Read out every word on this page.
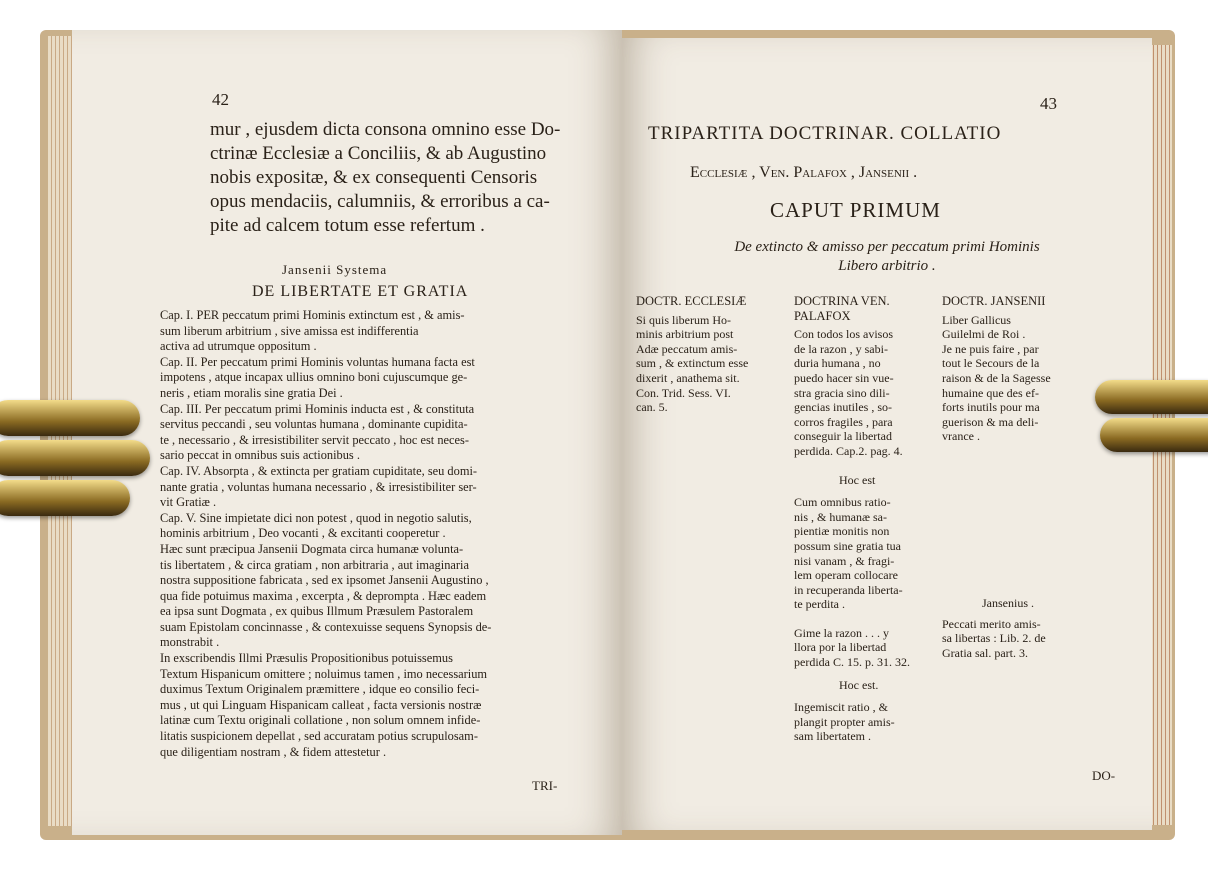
42
mur , ejusdem dicta consona omnino esse Do-
ctrinæ Ecclesiæ a Conciliis, & ab Augustino
nobis expositæ, & ex consequenti Censoris
opus mendaciis, calumniis, & erroribus a ca-
pite ad calcem totum esse refertum .
Jansenii Systema
DE LIBERTATE ET GRATIA
Cap. I. PER peccatum primi Hominis extinctum est , & amis-
sum liberum arbitrium , sive amissa est indifferentia
activa ad utrumque oppositum .
Cap. II. Per peccatum primi Hominis voluntas humana facta est
impotens , atque incapax ullius omnino boni cujuscumque ge-
neris , etiam moralis sine gratia Dei .
Cap. III. Per peccatum primi Hominis inducta est , & constituta
servitus peccandi , seu voluntas humana , dominante cupidita-
te , necessario , & irresistibiliter servit peccato , hoc est neces-
sario peccat in omnibus suis actionibus .
Cap. IV. Absorpta , & extincta per gratiam cupiditate, seu domi-
nante gratia , voluntas humana necessario , & irresistibiliter ser-
vit Gratiæ .
Cap. V. Sine impietate dici non potest , quod in negotio salutis,
hominis arbitrium , Deo vocanti , & excitanti cooperetur .
Hæc sunt præcipua Jansenii Dogmata circa humanæ volunta-
tis libertatem , & circa gratiam , non arbitraria , aut imaginaria
nostra suppositione fabricata , sed ex ipsomet Jansenii Augustino ,
qua fide potuimus maxima , excerpta , & deprompta . Hæc eadem
ea ipsa sunt Dogmata , ex quibus Illmum Præsulem Pastoralem
suam Epistolam concinnasse , & contexuisse sequens Synopsis de-
monstrabit .
In exscribendis Illmi Præsulis Propositionibus potuissemus
Textum Hispanicum omittere ; noluimus tamen , imo necessarium
duximus Textum Originalem præmittere , idque eo consilio feci-
mus , ut qui Linguam Hispanicam calleat , facta versionis nostræ
latinæ cum Textu originali collatione , non solum omnem infide-
litatis suspicionem depellat , sed accuratam potius scrupulosam-
que diligentiam nostram , & fidem attestetur .
TRI-
43
TRIPARTITA DOCTRINAR. COLLATIO
Ecclesiæ , Ven. Palafox , Jansenii .
CAPUT PRIMUM
De extincto & amisso per peccatum primi Hominis
Libero arbitrio .
DOCTR. ECCLESIÆ
Si quis liberum Ho-
minis arbitrium post
Adæ peccatum amis-
sum , & extinctum esse
dixerit , anathema sit.
Con. Trid. Sess. VI.
can. 5.
DOCTRINA VEN. PALAFOX
Con todos los avisos
de la razon , y sabi-
duria humana , no
puedo hacer sin vue-
stra gracia sino dili-
gencias inutiles , so-
corros fragiles , para
conseguir la libertad
perdida. Cap.2. pag. 4.
Hoc est
Cum omnibus ratio-
nis , & humanæ sa-
pientiæ monitis non
possum sine gratia tua
nisi vanam , & fragi-
lem operam collocare
in recuperanda liberta-
te perdita .
Gime la razon . . . y
llora por la libertad
perdida C. 15. p. 31. 32.
Hoc est.
Ingemiscit ratio , &
plangit propter amis-
sam libertatem .
DOCTR. JANSENII
Liber Gallicus
Guilelmi de Roi .
Je ne puis faire , par
tout le Secours de la
raison & de la Sagesse
humaine que des ef-
forts inutils pour ma
guerison & ma deli-
vrance .
Jansenius .
Peccati merito amis-
sa libertas : Lib. 2. de
Gratia sal. part. 3.
DO-
